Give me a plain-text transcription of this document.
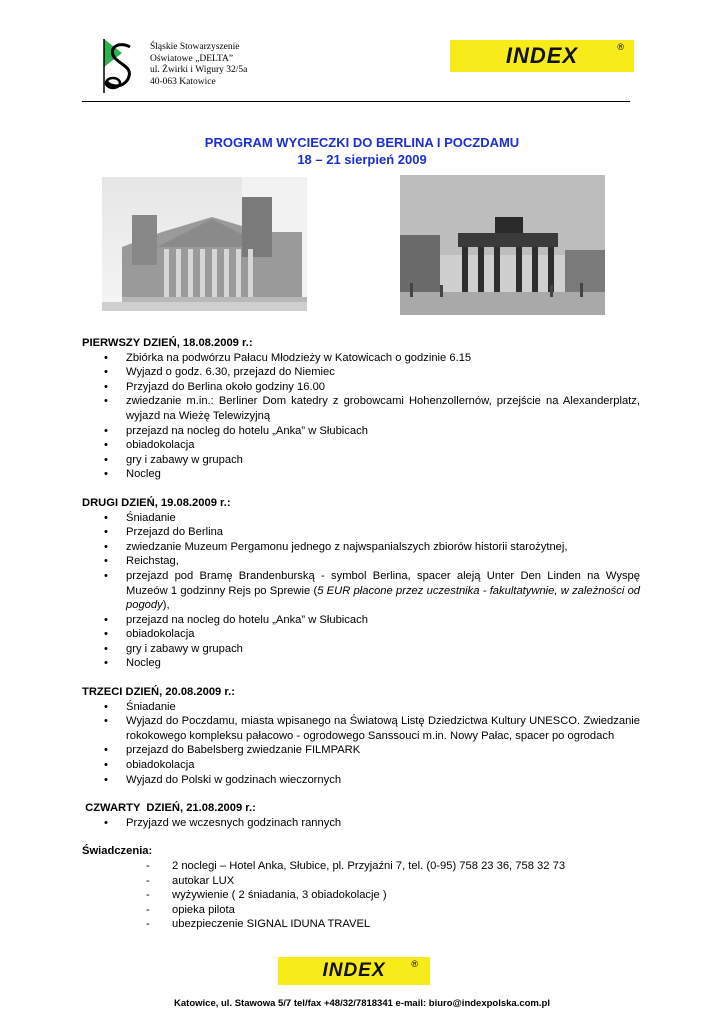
Śląskie Stowarzyszenie
Oświatowe „DELTA”
ul. Żwirki i Wigury 32/5a
40-063 Katowice
INDEX	®
PROGRAM WYCIECZKI DO BERLINA I POCZDAMU
18 – 21 sierpień 2009

PIERWSZY DZIEŃ, 18.08.2009 r.:

• Zbiórka na podwórzu Pałacu Młodzieży w Katowicach o godzinie 6.15
• Wyjazd o godz. 6.30, przejazd do Niemiec
• Przyjazd do Berlina około godziny 16.00
• zwiedzanie m.in.: Berliner Dom katedry z grobowcami Hohenzollernów, przejście na Alexanderplatz, wyjazd na Wieżę Telewizyjną
• przejazd na nocleg do hotelu „Anka” w Słubicach
• obiadokolacja
• gry i zabawy w grupach
• Nocleg

DRUGI DZIEŃ, 19.08.2009 r.:

• Śniadanie
• Przejazd do Berlina
• zwiedzanie Muzeum Pergamonu jednego z najwspanialszych zbiorów historii starożytnej,
• Reichstag,
• przejazd pod Bramę Brandenburską - symbol Berlina, spacer aleją Unter Den Linden na Wyspę Muzeów 1 godzinny Rejs po Sprewie (5 EUR płacone przez uczestnika - fakultatywnie, w zależności od pogody),
• przejazd na nocleg do hotelu „Anka” w Słubicach
• obiadokolacja
• gry i zabawy w grupach
• Nocleg

TRZECI DZIEŃ, 20.08.2009 r.:

• Śniadanie
• Wyjazd do Poczdamu, miasta wpisanego na Światową Listę Dziedzictwa Kultury UNESCO. Zwiedzanie rokokowego kompleksu pałacowo - ogrodowego Sanssouci m.in. Nowy Pałac, spacer po ogrodach
• przejazd do Babelsberg zwiedzanie FILMPARK
• obiadokolacja
• Wyjazd do Polski w godzinach wieczornych

CZWARTY  DZIEŃ, 21.08.2009 r.:

• Przyjazd we wczesnych godzinach rannych

Świadczenia:

- 2 noclegi – Hotel Anka, Słubice, pl. Przyjaźni 7, tel. (0-95) 758 23 36, 758 32 73
- autokar LUX
- wyżywienie ( 2 śniadania, 3 obiadokolacje )
- opieka pilota
- ubezpieczenie SIGNAL IDUNA TRAVEL
INDEX	®
Katowice, ul. Stawowa 5/7 tel/fax +48/32/7818341 e-mail: biuro@indexpolska.com.pl
